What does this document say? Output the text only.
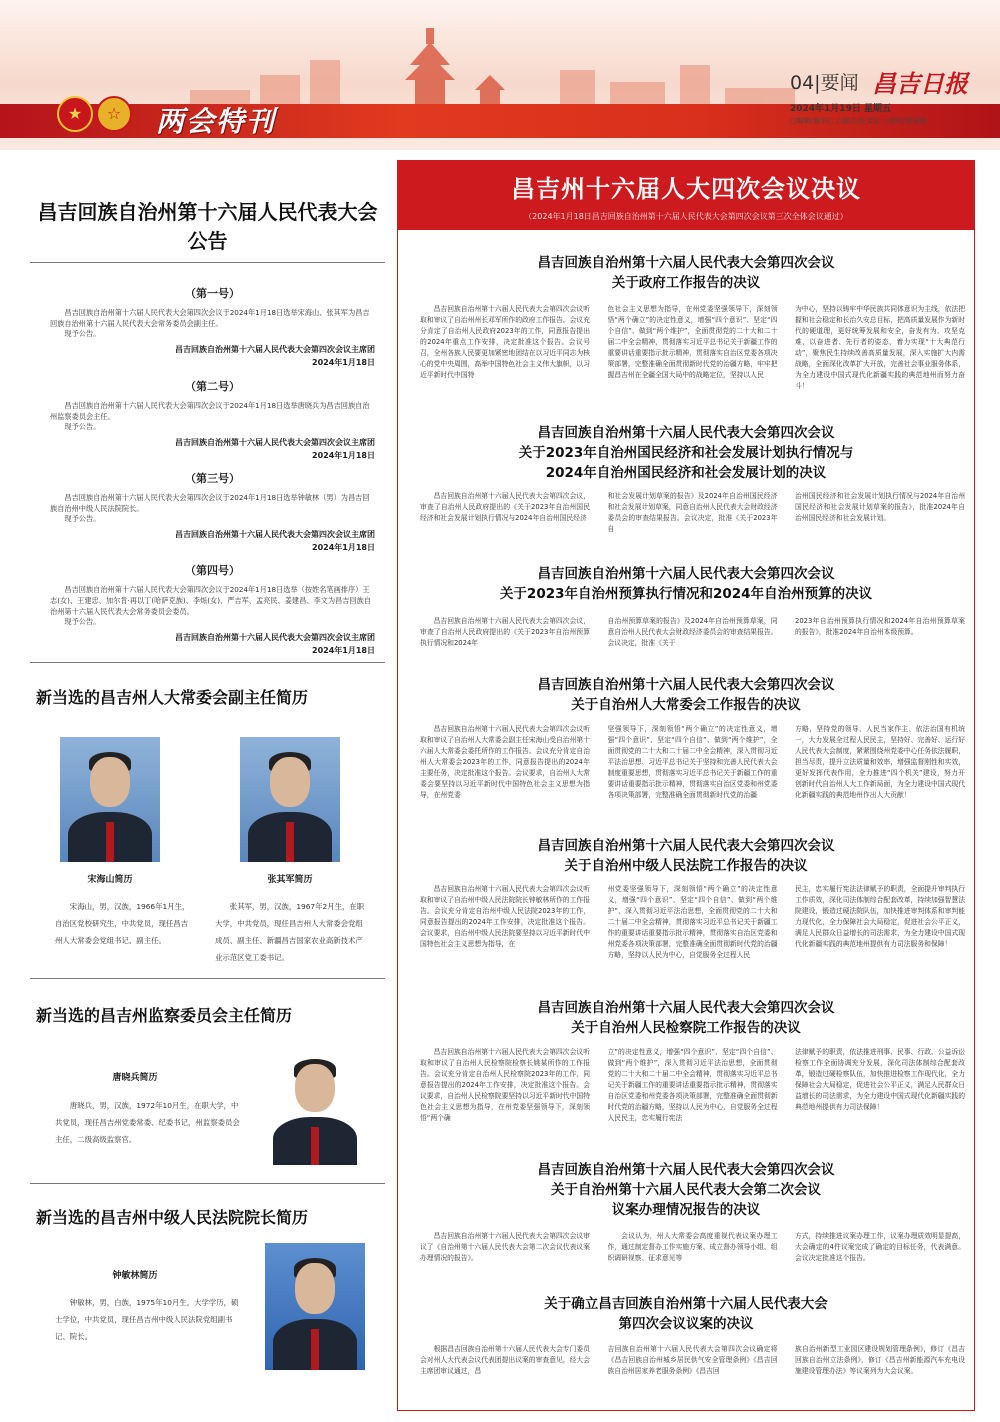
★	☆	两会特刊
04|要闻 昌吉日报
2024年1月19日 星期五
□编辑/谢军仁 □版式/任宝红 □审校/郑丽媛
昌吉回族自治州第十六届人民代表大会公告
（第一号）
昌吉回族自治州第十六届人民代表大会第四次会议于2024年1月18日选举宋海山、张其军为昌吉回族自治州第十六届人民代表大会常务委员会副主任。
现予公告。
昌吉回族自治州第十六届人民代表大会第四次会议主席团
2024年1月18日
（第二号）
昌吉回族自治州第十六届人民代表大会第四次会议于2024年1月18日选举唐晓兵为昌吉回族自治州监察委员会主任。
现予公告。
昌吉回族自治州第十六届人民代表大会第四次会议主席团
2024年1月18日
（第三号）
昌吉回族自治州第十六届人民代表大会第四次会议于2024年1月18日选举钟敏林（男）为昌吉回族自治州中级人民法院院长。
现予公告。
昌吉回族自治州第十六届人民代表大会第四次会议主席团
2024年1月18日
（第四号）
昌吉回族自治州第十六届人民代表大会第四次会议于2024年1月18日选举（按姓名笔画排序）王志(女)、王建忠、加尔肯·再以丁(哈萨克族)、李烁(女)、严吉军、孟亮民、姜建昌、李文为昌吉回族自治州第十六届人民代表大会常务委员会委员。
现予公告。
昌吉回族自治州第十六届人民代表大会第四次会议主席团
2024年1月18日
新当选的昌吉州人大常委会副主任简历
宋海山简历	张其军简历
宋海山，男，汉族，1966年1月生，自治区党校研究生，中共党员，现任昌吉州人大常委会党组书记、副主任。
张其军，男，汉族，1967年2月生，在职大学，中共党员，现任昌吉州人大常委会党组成员、副主任、新疆昌吉国家农业高新技术产业示范区党工委书记。
新当选的昌吉州监察委员会主任简历
唐晓兵简历
唐晓兵，男，汉族，1972年10月生，在职大学，中共党员，现任昌吉州党委常委、纪委书记，州监察委员会主任，二级高级监察官。
新当选的昌吉州中级人民法院院长简历
钟敏林简历
钟敏林，男，白族，1975年10月生，大学学历，硕士学位，中共党员，现任昌吉州中级人民法院党组副书记、院长。
昌吉州十六届人大四次会议决议
（2024年1月18日昌吉回族自治州第十六届人民代表大会第四次会议第三次全体会议通过）
昌吉回族自治州第十六届人民代表大会第四次会议
关于政府工作报告的决议
昌吉回族自治州第十六届人民代表大会第四次会议听取和审议了自治州州长邓军所作的政府工作报告。会议充分肯定了自治州人民政府2023年的工作，同意报告提出的2024年重点工作安排，决定批准这个报告。会议号召，全州各族人民要更加紧密地团结在以习近平同志为核心的党中央周围，高举中国特色社会主义伟大旗帜，以习近平新时代中国特
色社会主义思想为指导，在州党委坚强领导下，深刻领悟“两个确立”的决定性意义，增强“四个意识”、坚定“四个自信”、做到“两个维护”，全面贯彻党的二十大和二十届二中全会精神，贯彻落实习近平总书记关于新疆工作的重要讲话重要指示批示精神，贯彻落实自治区党委各项决策部署，完整准确全面贯彻新时代党的治疆方略，牢牢把握昌吉州在全疆全国大局中的战略定位，坚持以人民
为中心，坚持以铸牢中华民族共同体意识为主线，依法把握和社会稳定和长治久安总目标，把高质量发展作为新时代的硬道理，更好统筹发展和安全，奋发有为、攻坚克难，以奋进者、先行者的姿态，着力实现“十大典范行动”，聚焦民生持续改善高质量发展，深入实施扩大内需战略，全面深化改革扩大开放，完善社会事业服务体系，为全力建设中国式现代化新疆实践的典范地州而努力奋斗！
昌吉回族自治州第十六届人民代表大会第四次会议
关于2023年自治州国民经济和社会发展计划执行情况与
2024年自治州国民经济和社会发展计划的决议
昌吉回族自治州第十六届人民代表大会第四次会议，审查了自治州人民政府提出的《关于2023年自治州国民经济和社会发展计划执行情况与2024年自治州国民经济
和社会发展计划草案的报告》及2024年自治州国民经济和社会发展计划草案，同意自治州人民代表大会财政经济委员会的审查结果报告。会议决定，批准《关于2023年自
治州国民经济和社会发展计划执行情况与2024年自治州国民经济和社会发展计划草案的报告》，批准2024年自治州国民经济和社会发展计划。
昌吉回族自治州第十六届人民代表大会第四次会议
关于2023年自治州预算执行情况和2024年自治州预算的决议
昌吉回族自治州第十六届人民代表大会第四次会议，审查了自治州人民政府提出的《关于2023年自治州预算执行情况和2024年
自治州预算草案的报告》及2024年自治州预算草案，同意自治州人民代表大会财政经济委员会的审查结果报告。会议决定，批准《关于
2023年自治州预算执行情况和2024年自治州预算草案的报告》，批准2024年自治州本级预算。
昌吉回族自治州第十六届人民代表大会第四次会议
关于自治州人大常委会工作报告的决议
昌吉回族自治州第十六届人民代表大会第四次会议听取和审议了自治州人大常委会副主任宋海山受自治州第十六届人大常委会委托所作的工作报告。会议充分肯定自治州人大常委会2023年的工作，同意报告提出的2024年主要任务，决定批准这个报告。会议要求，自治州人大常委会要坚持以习近平新时代中国特色社会主义思想为指导，在州党委
坚强领导下，深刻领悟“两个确立”的决定性意义，增强“四个意识”、坚定“四个自信”、做到“两个维护”，全面贯彻党的二十大和二十届二中全会精神，深入贯彻习近平法治思想、习近平总书记关于坚持和完善人民代表大会制度重要思想，贯彻落实习近平总书记关于新疆工作的重要讲话重要指示批示精神，贯彻落实自治区党委和州党委各项决策部署，完整准确全面贯彻新时代党的治疆
方略，坚持党的领导、人民当家作主、依法治国有机统一，大力发展全过程人民民主，坚持好、完善好、运行好人民代表大会制度，紧紧围绕州党委中心任务依法履职，担当尽责，提升立法质量和效率，增强监督刚性和实效，更好发挥代表作用，全力推进“四个机关”建设，努力开创新时代自治州人大工作新局面，为全力建设中国式现代化新疆实践的典范地州作出人大贡献！
昌吉回族自治州第十六届人民代表大会第四次会议
关于自治州中级人民法院工作报告的决议
昌吉回族自治州第十六届人民代表大会第四次会议听取和审议了自治州中级人民法院院长钟敏林所作的工作报告。会议充分肯定自治州中级人民法院2023年的工作，同意报告提出的2024年工作安排，决定批准这个报告。会议要求，自治州中级人民法院要坚持以习近平新时代中国特色社会主义思想为指导，在
州党委坚强领导下，深刻领悟“两个确立”的决定性意义，增强“四个意识”、坚定“四个自信”、做到“两个维护”，深入贯彻习近平法治思想，全面贯彻党的二十大和二十届二中全会精神，贯彻落实习近平总书记关于新疆工作的重要讲话重要指示批示精神，贯彻落实自治区党委和州党委各项决策部署，完整准确全面贯彻新时代党的治疆方略，坚持以人民为中心，自觉服务全过程人民
民主，忠实履行宪法法律赋予的职责，全面提升审判执行工作质效，深化司法体制综合配套改革，持续加强智慧法院建设，锻造过硬法院队伍，加快推进审判体系和审判能力现代化，全力保障社会大局稳定，促进社会公平正义，满足人民群众日益增长的司法需求，为全力建设中国式现代化新疆实践的典范地州提供有力司法服务和保障！
昌吉回族自治州第十六届人民代表大会第四次会议
关于自治州人民检察院工作报告的决议
昌吉回族自治州第十六届人民代表大会第四次会议听取和审议了自治州人民检察院检察长姚某所作的工作报告。会议充分肯定自治州人民检察院2023年的工作，同意报告提出的2024年工作安排，决定批准这个报告。会议要求，自治州人民检察院要坚持以习近平新时代中国特色社会主义思想为指导，在州党委坚强领导下，深刻领悟“两个确
立”的决定性意义，增强“四个意识”、坚定“四个自信”、做到“两个维护”，深入贯彻习近平法治思想，全面贯彻党的二十大和二十届二中全会精神，贯彻落实习近平总书记关于新疆工作的重要讲话重要指示批示精神，贯彻落实自治区党委和州党委各项决策部署，完整准确全面贯彻新时代党的治疆方略，坚持以人民为中心，自觉服务全过程人民民主，忠实履行宪法
法律赋予的职责，依法推进刑事、民事、行政、公益诉讼检察工作全面协调充分发展，深化司法体制综合配套改革，锻造过硬检察队伍，加快推进检察工作现代化，全力保障社会大局稳定，促进社会公平正义，满足人民群众日益增长的司法需求，为全力建设中国式现代化新疆实践的典范地州提供有力司法保障！
昌吉回族自治州第十六届人民代表大会第四次会议
关于自治州第十六届人民代表大会第二次会议
议案办理情况报告的决议
昌吉回族自治州第十六届人民代表大会第四次会议审议了《自治州第十六届人民代表大会第二次会议代表议案办理情况的报告》。
会议认为，州人大常委会高度重视代表议案办理工作，通过制定督办工作实施方案、成立督办领导小组、组织调研视察、征求意见等
方式，持续推进议案办理工作，议案办理质效明显提高，大会确定的4件议案完成了确定的目标任务，代表满意。会议决定批准这个报告。
关于确立昌吉回族自治州第十六届人民代表大会
第四次会议议案的决议
根据昌吉回族自治州第十六届人民代表大会专门委员会对州人大代表会议代表团提出议案的审查意见，经大会主席团审议通过，昌
吉回族自治州第十六届人民代表大会第四次会议确定将《昌吉回族自治州城乡居民供气安全管理条例》《昌吉回族自治州居家养老服务条例》《昌吉回
族自治州新型工业园区建设规划管理条例》，修订《昌吉回族自治州立法条例》，修订《昌吉州新能源汽车充电设施建设管理办法》等议案列为大会议案。
